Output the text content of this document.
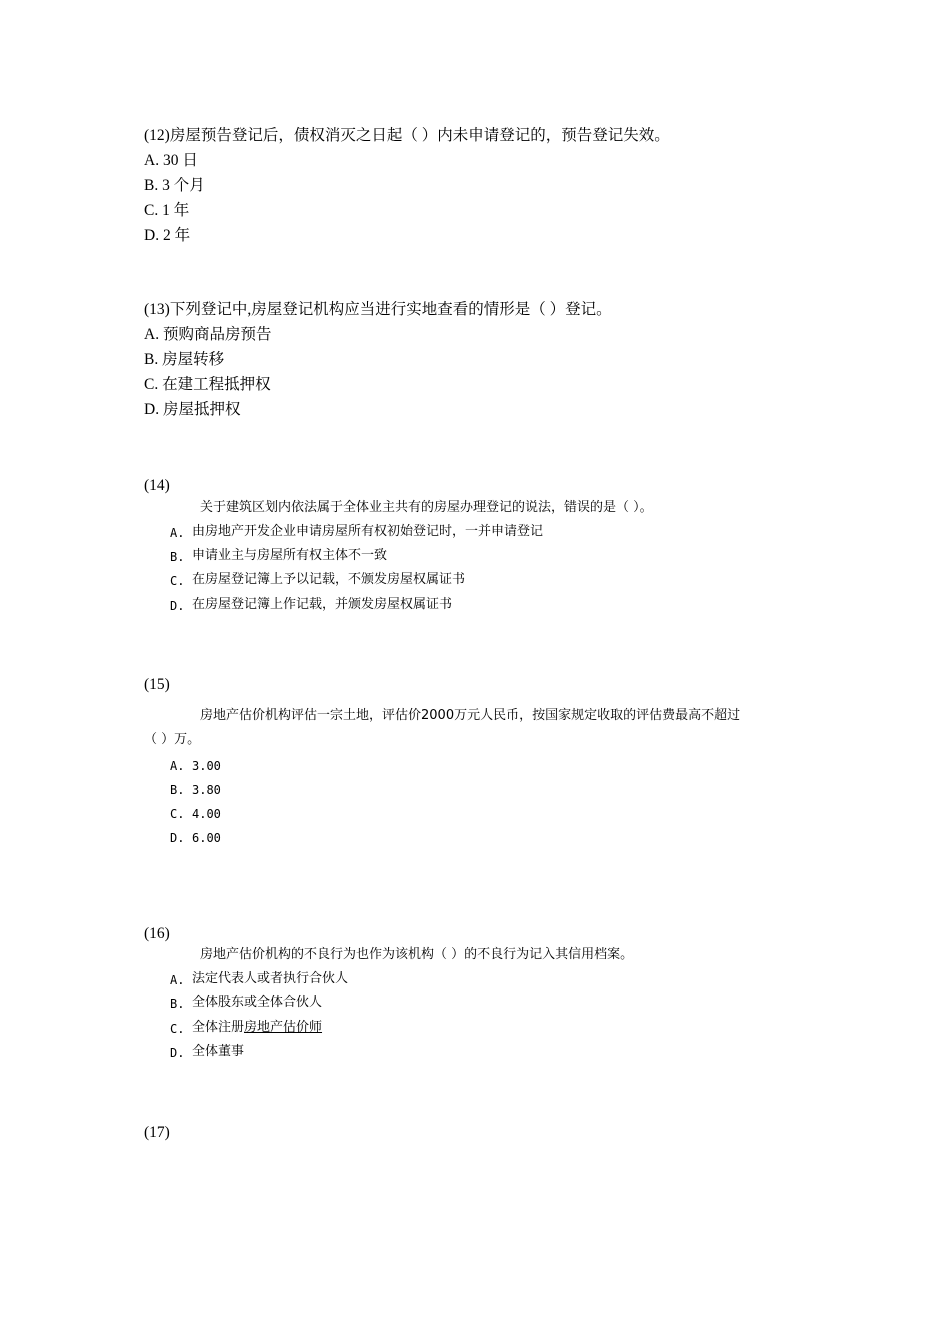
(12)房屋预告登记后，债权消灭之日起（ ）内未申请登记的，预告登记失效。
A. 30 日
B. 3 个月
C. 1 年
D. 2 年
(13)下列登记中,房屋登记机构应当进行实地查看的情形是（ ）登记。
A. 预购商品房预告
B. 房屋转移
C. 在建工程抵押权
D. 房屋抵押权
(14)
关于建筑区划内依法属于全体业主共有的房屋办理登记的说法，错误的是（ ）。
A. 由房地产开发企业申请房屋所有权初始登记时，一并申请登记
B. 申请业主与房屋所有权主体不一致
C. 在房屋登记簿上予以记载，不颁发房屋权属证书
D. 在房屋登记簿上作记载，并颁发房屋权属证书
(15)
房地产估价机构评估一宗土地，评估价2000万元人民币，按国家规定收取的评估费最高不超过
（ ）万。
A. 3.00
B. 3.80
C. 4.00
D. 6.00
(16)
房地产估价机构的不良行为也作为该机构（ ）的不良行为记入其信用档案。
A. 法定代表人或者执行合伙人
B. 全体股东或全体合伙人
C. 全体注册房地产估价师
D. 全体董事
(17)
